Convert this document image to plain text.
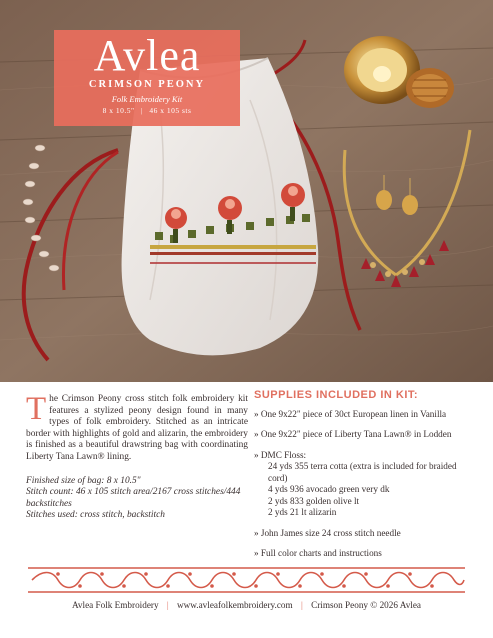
Avlea
CRIMSON PEONY
Folk Embroidery Kit
8 x 10.5" | 46 x 105 sts

The Crimson Peony cross stitch folk embroidery kit features a stylized peony design found in many types of folk embroidery. Stitched as an intricate border with highlights of gold and alizarin, the embroidery is finished as a beautiful drawstring bag with coordinating Liberty Tana Lawn® lining.

Finished size of bag: 8 x 10.5"

Stitch count: 46 x 105 stitch area/2167 cross stitches/444 backstitches

Stitches used: cross stitch, backstitch

SUPPLIES INCLUDED IN KIT:

» One 9x22" piece of 30ct European linen in Vanilla

» One 9x22" piece of Liberty Tana Lawn® in Lodden

» DMC Floss:

24 yds 355 terra cotta (extra is included for braided cord)

4 yds 936 avocado green very dk

2 yds 833 golden olive lt

2 yds 21 lt alizarin

» John James size 24 cross stitch needle

» Full color charts and instructions

Avlea Folk Embroidery | www.avleafolkembroidery.com | Crimson Peony © 2026 Avlea
